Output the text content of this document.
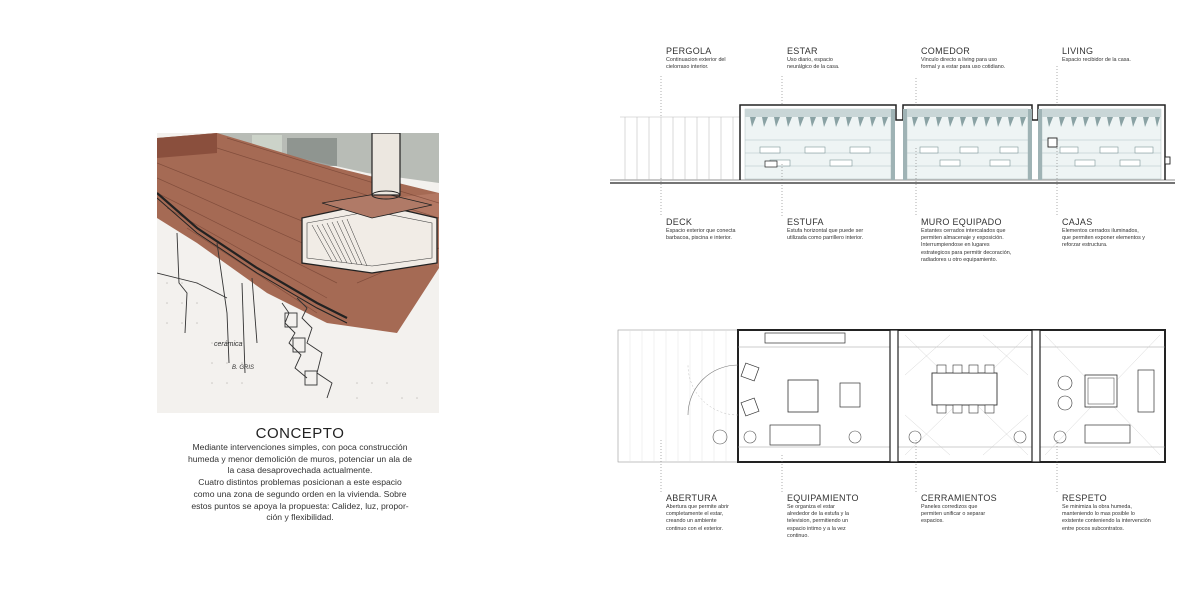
cerámica
B. GRIS
CONCEPTO
Mediante intervenciones simples, con poca construcción
humeda y menor demolición de muros, potenciar un ala de
la casa desaprovechada actualmente.
Cuatro distintos problemas posicionan a este espacio
como una zona de segundo orden en la vivienda. Sobre
estos puntos se apoya la propuesta: Calidez, luz, propor-
ción y flexibilidad.
PERGOLA
Continuacion exterior del cielorraso interior.
ESTAR
Uso diario, espacio neurálgico de la casa.
COMEDOR
Vinculo directo a living para uso formal y a estar para uso cotidiano.
LIVING
Espacio recibidor de la casa.
DECK
Espacio exterior que conecta barbacoa, piscina e interior.
ESTUFA
Estufa horizontal que puede ser utilizada como parrillero interior.
MURO EQUIPADO
Estantes cerrados intercalados que permiten almacenaje y exposición. Interrumpiendose en lugares estrategicos para permitir decoración, radiadores u otro equipamiento.
CAJAS
Elementos cerrados iluminados, que permiten exponer elementos y reforzar estructura.
ABERTURA
Abertura que permite abrir completamente el estar, creando un ambiente continuo con el exterior.
EQUIPAMIENTO
Se organiza el estar alrededor de la estufa y la television, permitiendo un espacio intimo y a la vez continuo.
CERRAMIENTOS
Paneles corredizos que permiten unificar o separar espacios.
RESPETO
Se minimiza la obra humeda, manteniendo lo mas posible lo existente conteniendo la intervención entre pocos subcontratos.
